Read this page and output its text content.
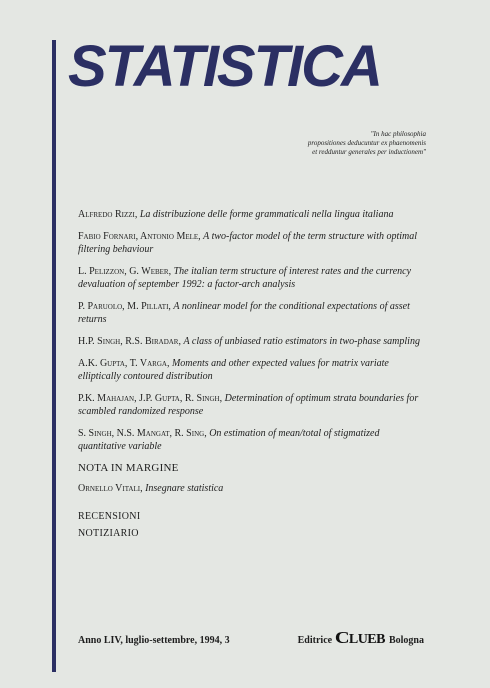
STATISTICA
"In hac philosophia
propositiones deducuntur ex phaenomenis
et redduntur generales per inductionem"

Alfredo Rizzi, La distribuzione delle forme grammaticali nella lingua italiana

Fabio Fornari, Antonio Mele, A two-factor model of the term structure with optimal filtering behaviour

L. Pelizzon, G. Weber, The italian term structure of interest rates and the currency devaluation of september 1992: a factor-arch analysis

P. Paruolo, M. Pillati, A nonlinear model for the conditional expectations of asset returns

H.P. Singh, R.S. Biradar, A class of unbiased ratio estimators in two-phase sampling

A.K. Gupta, T. Varga, Moments and other expected values for matrix variate elliptically contoured distribution

P.K. Mahajan, J.P. Gupta, R. Singh, Determination of optimum strata boundaries for scambled randomized response

S. Singh, N.S. Mangat, R. Sing, On estimation of mean/total of stigmatized quantitative variable

NOTA IN MARGINE

Ornello Vitali, Insegnare statistica

RECENSIONI

NOTIZIARIO

Anno LIV, luglio-settembre, 1994, 3	Editrice CLUEB Bologna
